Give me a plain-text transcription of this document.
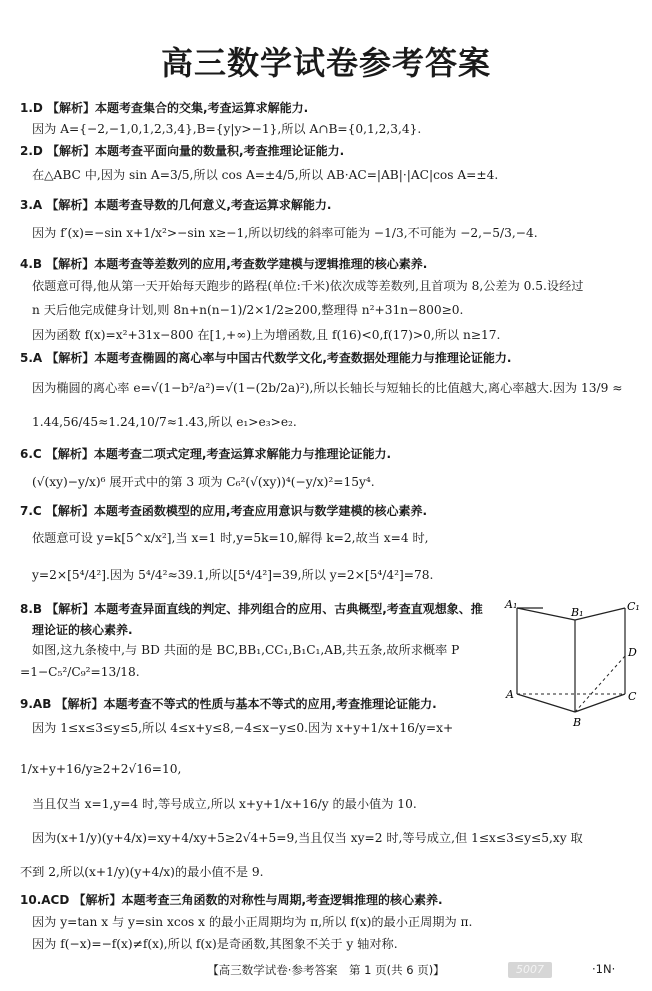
高三数学试卷参考答案
1.D 【解析】本题考查集合的交集,考查运算求解能力.
因为 A={−2,−1,0,1,2,3,4},B={y|y>−1},所以 A∩B={0,1,2,3,4}.
2.D 【解析】本题考查平面向量的数量积,考查推理论证能力.
在△ABC 中,因为 sin A=3/5,所以 cos A=±4/5,所以 AB·AC=|AB|·|AC|cos A=±4.
3.A 【解析】本题考查导数的几何意义,考查运算求解能力.
因为 f′(x)=−sin x+1/x²>−sin x≥−1,所以切线的斜率可能为 −1/3,不可能为 −2,−5/3,−4.
4.B 【解析】本题考查等差数列的应用,考查数学建模与逻辑推理的核心素养.
依题意可得,他从第一天开始每天跑步的路程(单位:千米)依次成等差数列,且首项为 8,公差为 0.5.设经过
n 天后他完成健身计划,则 8n+n(n−1)/2×1/2≥200,整理得 n²+31n−800≥0.
因为函数 f(x)=x²+31x−800 在[1,+∞)上为增函数,且 f(16)<0,f(17)>0,所以 n≥17.
5.A 【解析】本题考查椭圆的离心率与中国古代数学文化,考查数据处理能力与推理论证能力.
因为椭圆的离心率 e=√(1−b²/a²)=√(1−(2b/2a)²),所以长轴长与短轴长的比值越大,离心率越大.因为 13/9 ≈
1.44,56/45≈1.24,10/7≈1.43,所以 e₁>e₃>e₂.
6.C 【解析】本题考查二项式定理,考查运算求解能力与推理论证能力.
(√(xy)−y/x)⁶ 展开式中的第 3 项为 C₆²(√(xy))⁴(−y/x)²=15y⁴.
7.C 【解析】本题考查函数模型的应用,考查应用意识与数学建模的核心素养.
依题意可设 y=k[5^x/x²],当 x=1 时,y=5k=10,解得 k=2,故当 x=4 时,
y=2×[5⁴/4²].因为 5⁴/4²≈39.1,所以[5⁴/4²]=39,所以 y=2×[5⁴/4²]=78.
8.B 【解析】本题考查异面直线的判定、排列组合的应用、古典概型,考查直观想象、推
理论证的核心素养.
如图,这九条棱中,与 BD 共面的是 BC,BB₁,CC₁,B₁C₁,AB,共五条,故所求概率 P
=1−C₅²/C₉²=13/18.
9.AB 【解析】本题考查不等式的性质与基本不等式的应用,考查推理论证能力.
因为 1≤x≤3≤y≤5,所以 4≤x+y≤8,−4≤x−y≤0.因为 x+y+1/x+16/y=x+
1/x+y+16/y≥2+2√16=10,
当且仅当 x=1,y=4 时,等号成立,所以 x+y+1/x+16/y 的最小值为 10.
因为(x+1/y)(y+4/x)=xy+4/xy+5≥2√4+5=9,当且仅当 xy=2 时,等号成立,但 1≤x≤3≤y≤5,xy 取
不到 2,所以(x+1/y)(y+4/x)的最小值不是 9.
10.ACD 【解析】本题考查三角函数的对称性与周期,考查逻辑推理的核心素养.
因为 y=tan x 与 y=sin xcos x 的最小正周期均为 π,所以 f(x)的最小正周期为 π.
因为 f(−x)=−f(x)≠f(x),所以 f(x)是奇函数,其图象不关于 y 轴对称.
A₁
B₁	C₁
D
A
B
C
【高三数学试卷·参考答案　第 1 页(共 6 页)】	5007	·1N·
